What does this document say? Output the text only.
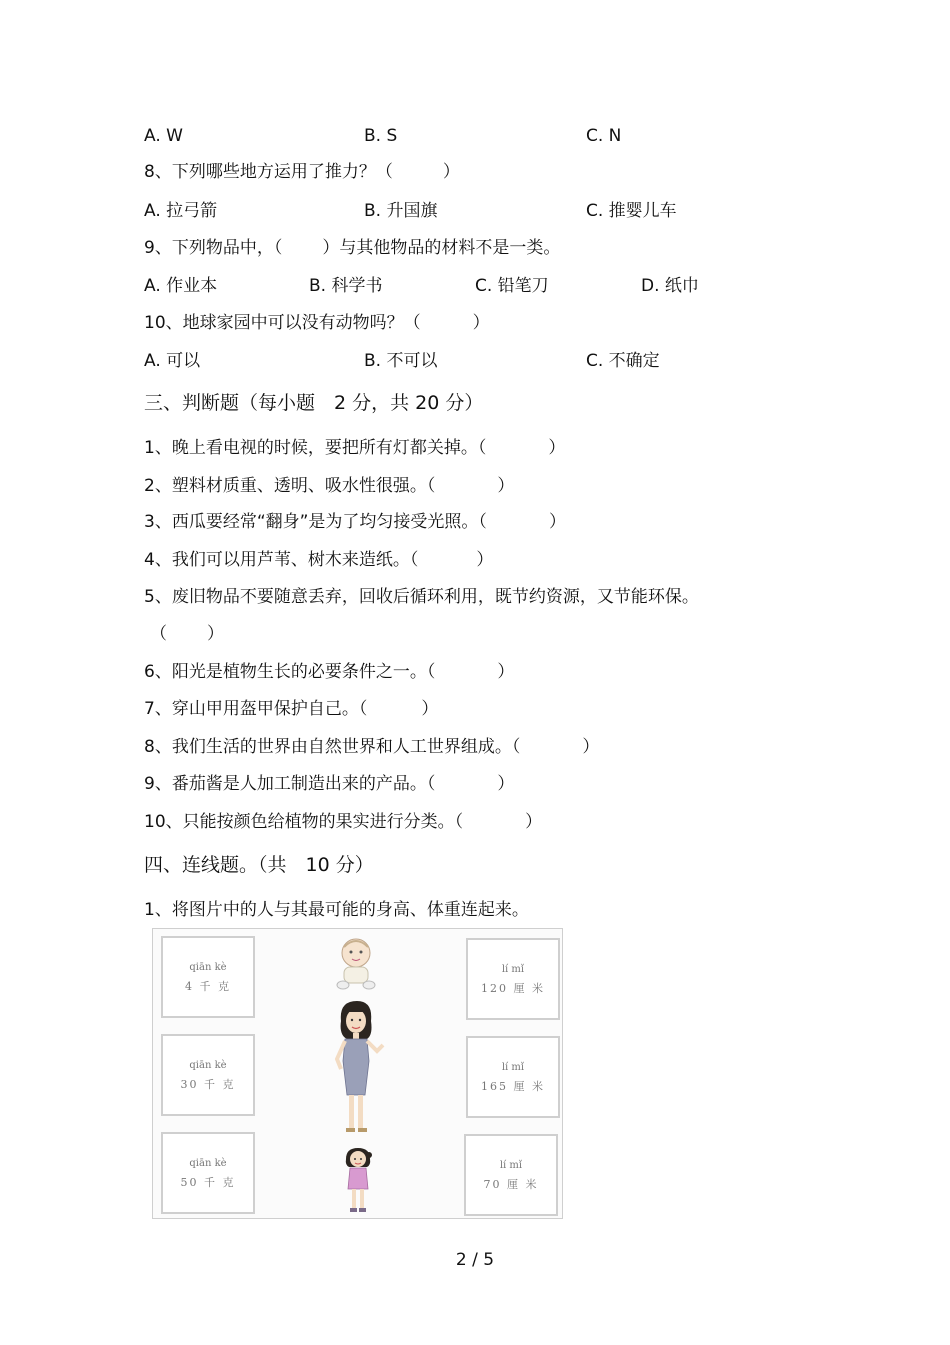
A. W	B. S	C. N
8、下列哪些地方运用了推力？（	）
A. 拉弓箭	B. 升国旗	C. 推婴儿车
9、下列物品中，（ ）与其他物品的材料不是一类。
A. 作业本	B. 科学书	C. 铅笔刀	D. 纸巾
10、地球家园中可以没有动物吗？（	）
A. 可以	B. 不可以	C. 不确定
三、判断题（每小题　2 分，共 20 分）
1、晚上看电视的时候，要把所有灯都关掉。（	）
2、塑料材质重、透明、吸水性很强。（	）
3、西瓜要经常“翻身”是为了均匀接受光照。（	）
4、我们可以用芦苇、树木来造纸。（	）
5、废旧物品不要随意丢弃，回收后循环利用，既节约资源，又节能环保。
（ ）
6、阳光是植物生长的必要条件之一。（	）
7、穿山甲用盔甲保护自己。（	）
8、我们生活的世界由自然世界和人工世界组成。（	）
9、番茄酱是人加工制造出来的产品。（	）
10、只能按颜色给植物的果实进行分类。（	）
四、连线题。（共　10 分）
1、将图片中的人与其最可能的身高、体重连起来。
qiān kè
4 千 克
qiān kè
30 千 克
qiān kè
50 千 克
lí mǐ
120 厘 米
lí mǐ
165 厘 米
lí mǐ
70 厘 米
2 / 5
